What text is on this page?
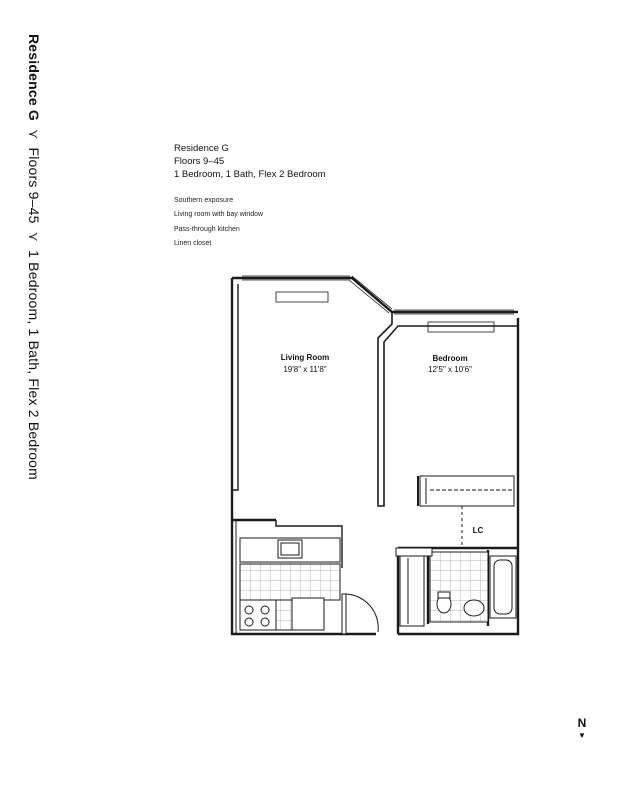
Residence G⋎Floors 9–45⋎1 Bedroom, 1 Bath, Flex 2 Bedroom
Residence G
Floors 9–45
1 Bedroom, 1 Bath, Flex 2 Bedroom
Southern exposure
Living room with bay window
Pass-through kitchen
Linen closet
Living Room
19'8" x 11'8"
Bedroom
12'5" x 10'6"
LC
N
▼
